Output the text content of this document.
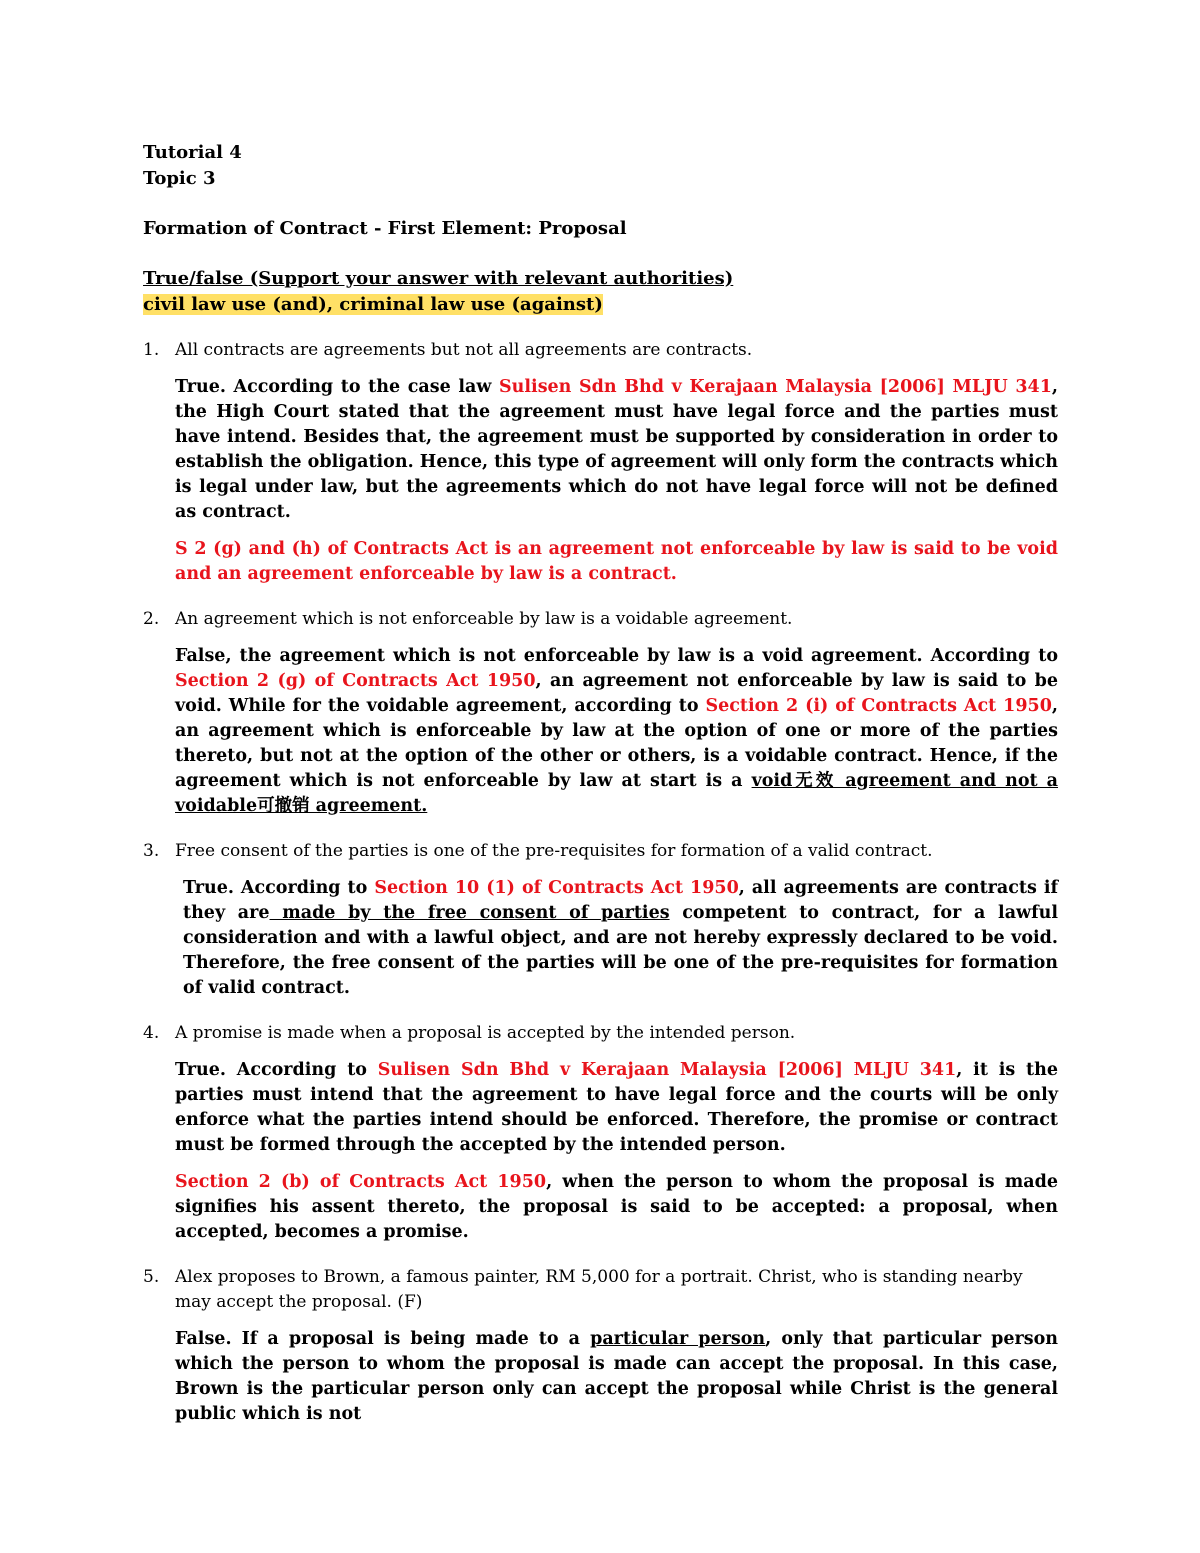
Tutorial 4

Topic 3

Formation of Contract - First Element: Proposal

True/false (Support your answer with relevant authorities)

civil law use (and), criminal law use (against)

1. All contracts are agreements but not all agreements are contracts.

True. According to the case law Sulisen Sdn Bhd v Kerajaan Malaysia [2006] MLJU 341, the High Court stated that the agreement must have legal force and the parties must have intend. Besides that, the agreement must be supported by consideration in order to establish the obligation. Hence, this type of agreement will only form the contracts which is legal under law, but the agreements which do not have legal force will not be defined as contract.

S 2 (g) and (h) of Contracts Act is an agreement not enforceable by law is said to be void and an agreement enforceable by law is a contract.

2. An agreement which is not enforceable by law is a voidable agreement.

False, the agreement which is not enforceable by law is a void agreement. According to Section 2 (g) of Contracts Act 1950, an agreement not enforceable by law is said to be void. While for the voidable agreement, according to Section 2 (i) of Contracts Act 1950, an agreement which is enforceable by law at the option of one or more of the parties thereto, but not at the option of the other or others, is a voidable contract. Hence, if the agreement which is not enforceable by law at start is a void无效 agreement and not a voidable可撤销 agreement.

3. Free consent of the parties is one of the pre-requisites for formation of a valid contract.

True. According to Section 10 (1) of Contracts Act 1950, all agreements are contracts if they are made by the free consent of parties competent to contract, for a lawful consideration and with a lawful object, and are not hereby expressly declared to be void. Therefore, the free consent of the parties will be one of the pre-requisites for formation of valid contract.

4. A promise is made when a proposal is accepted by the intended person.

True. According to Sulisen Sdn Bhd v Kerajaan Malaysia [2006] MLJU 341, it is the parties must intend that the agreement to have legal force and the courts will be only enforce what the parties intend should be enforced. Therefore, the promise or contract must be formed through the accepted by the intended person.

Section 2 (b) of Contracts Act 1950, when the person to whom the proposal is made signifies his assent thereto, the proposal is said to be accepted: a proposal, when accepted, becomes a promise.

5. Alex proposes to Brown, a famous painter, RM 5,000 for a portrait. Christ, who is standing nearby may accept the proposal. (F)

False. If a proposal is being made to a particular person, only that particular person which the person to whom the proposal is made can accept the proposal. In this case, Brown is the particular person only can accept the proposal while Christ is the general public which is not
